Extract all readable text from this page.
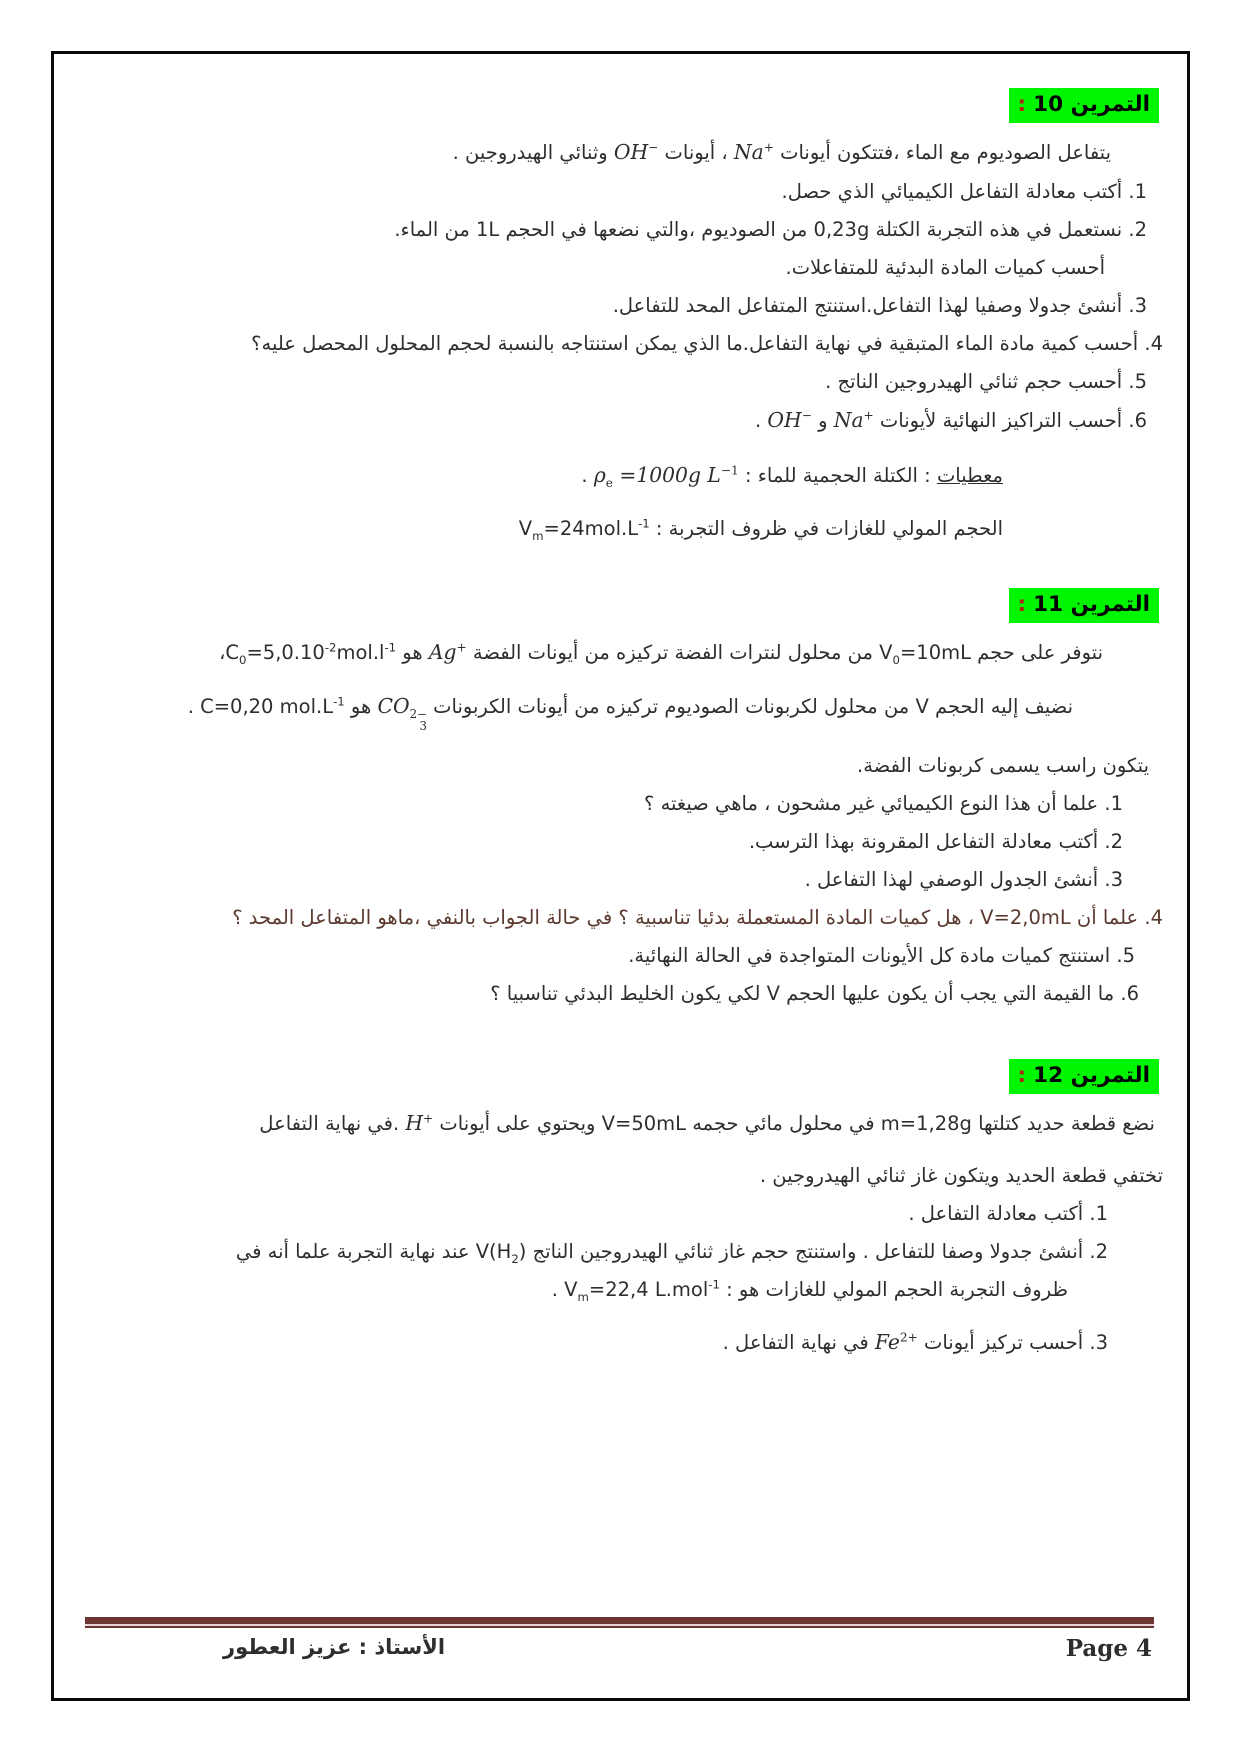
التمرين 10:

يتفاعل الصوديوم مع الماء ،فتتكون أيونات Na+ ، أيونات OH− وثنائي الهيدروجين .

1. أكتب معادلة التفاعل الكيميائي الذي حصل.

2. نستعمل في هذه التجربة الكتلة 0,23g من الصوديوم ،والتي نضعها في الحجم 1L من الماء.

أحسب كميات المادة البدئية للمتفاعلات.

3. أنشئ جدولا وصفيا لهذا التفاعل.استنتج المتفاعل المحد للتفاعل.

4. أحسب كمية مادة الماء المتبقية في نهاية التفاعل.ما الذي يمكن استنتاجه بالنسبة لحجم المحلول المحصل عليه؟

5. أحسب حجم ثنائي الهيدروجين الناتج .

6. أحسب التراكيز النهائية لأيونات Na+ و OH− .

معطيات : الكتلة الحجمية للماء : $\rho_e =1000g$ $L^{-1}$ .

الحجم المولي للغازات في ظروف التجربة : $V_m=24mol.L^{-1}$

التمرين 11:

نتوفر على حجم $V_0=10mL$ من محلول لنترات الفضة تركيزه من أيونات الفضة Ag+ هو $C_0=5,0.10^{-2}mol.l^{-1}،$

نضيف إليه الحجم V من محلول لكربونات الصوديوم تركيزه من أيونات الكربونات CO 2−
3
هو C=0,20 $mol.L^{-1}$ .

يتكون راسب يسمى كربونات الفضة.

1. علما أن هذا النوع الكيميائي غير مشحون ، ماهي صيغته ؟

2. أكتب معادلة التفاعل المقرونة بهذا الترسب.

3. أنشئ الجدول الوصفي لهذا التفاعل .

4. علما أن V=2,0mL ، هل كميات المادة المستعملة بدئيا تناسبية ؟ في حالة الجواب بالنفي ،ماهو المتفاعل المحد ؟

5. استنتج كميات مادة كل الأيونات المتواجدة في الحالة النهائية.

6. ما القيمة التي يجب أن يكون عليها الحجم V لكي يكون الخليط البدئي تناسبيا ؟

التمرين 12:

نضع قطعة حديد كتلتها m=1,28g في محلول مائي حجمه V=50mL ويحتوي على أيونات H+ .في نهاية التفاعل

تختفي قطعة الحديد ويتكون غاز ثنائي الهيدروجين .

1. أكتب معادلة التفاعل .

2. أنشئ جدولا وصفا للتفاعل . واستنتج حجم غاز ثنائي الهيدروجين الناتج $V(H_2)$ عند نهاية التجربة علما أنه في

ظروف التجربة الحجم المولي للغازات هو : $V_m=22,4$ L.mol$^{-1}$ .

3. أحسب تركيز أيونات $Fe^{2+}$ في نهاية التفاعل .

الأستاذ : عزيز العطور	Page 4
